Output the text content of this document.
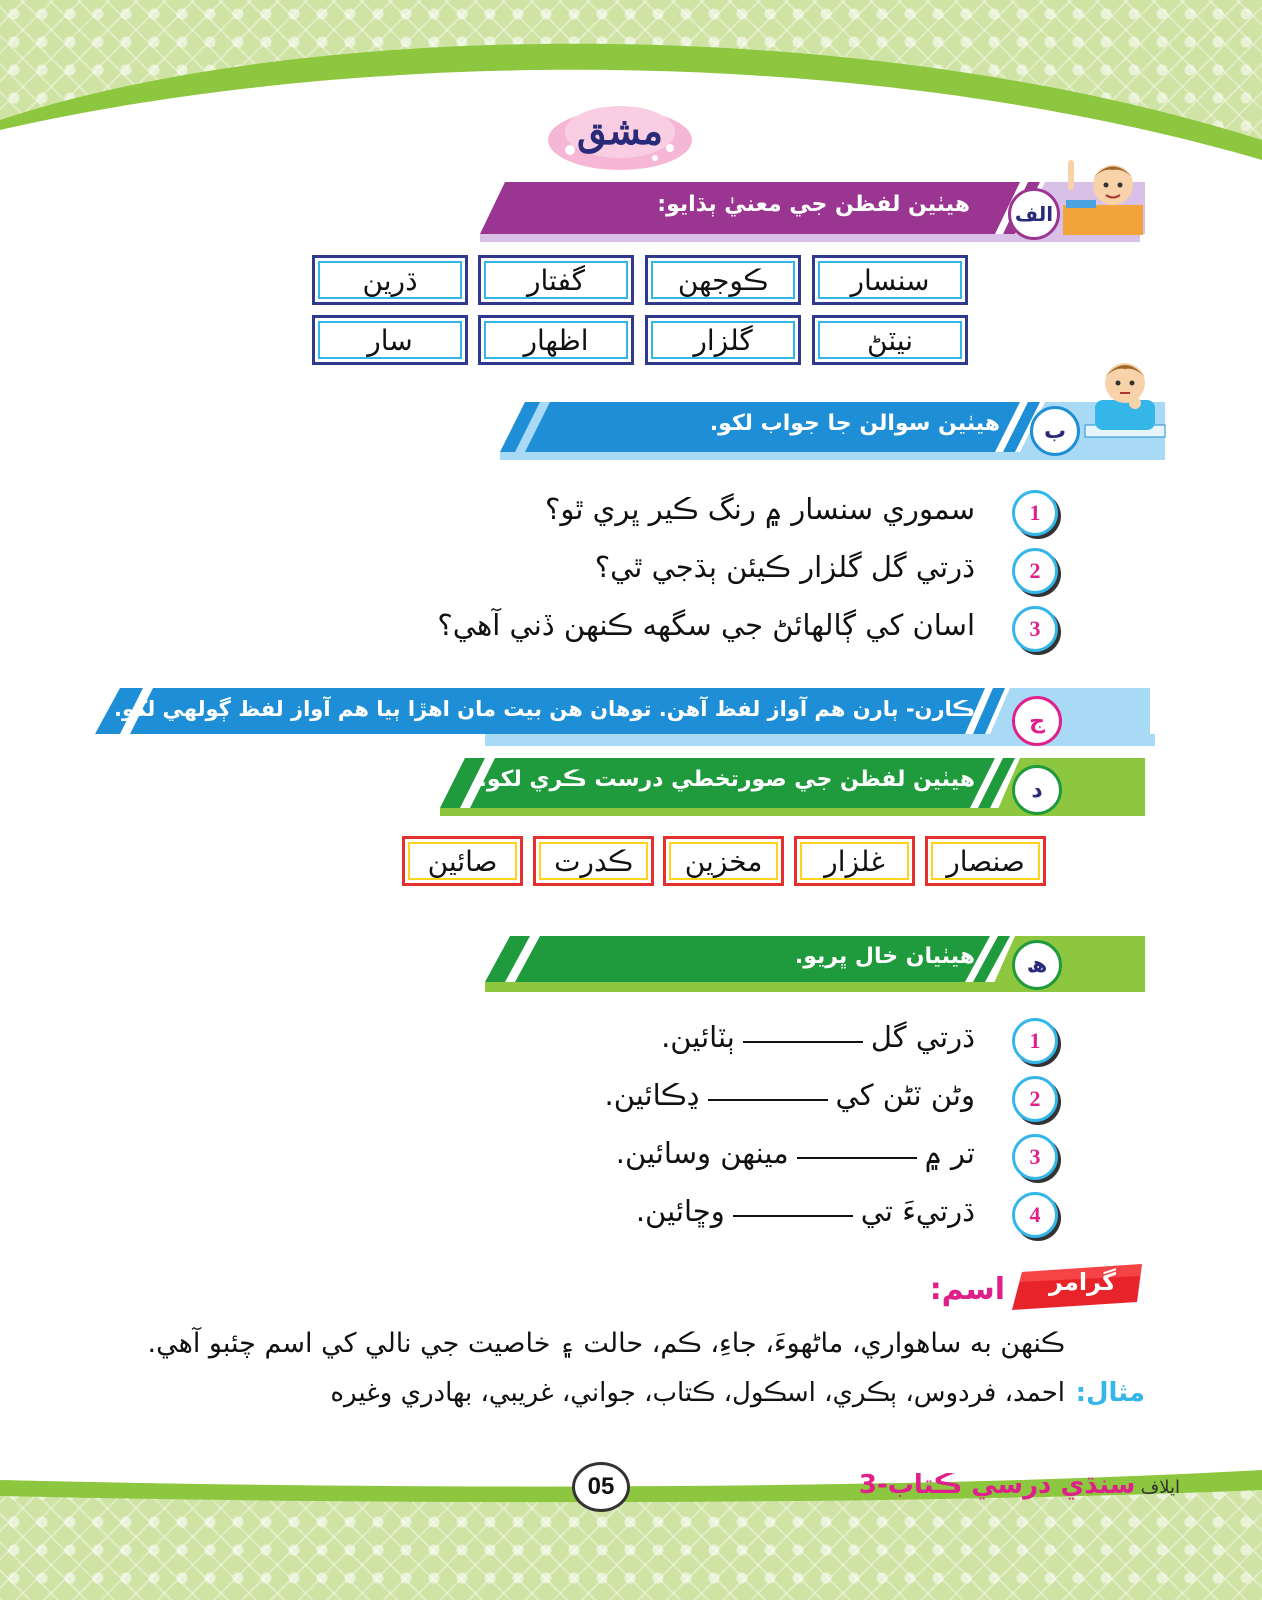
مشق
هيٺين لفظن جي معنيٰ ٻڌايو:	الف
ڌرين	گفتار	ڪوجهن	سنسار
سار	اظهار	گلزار	نيٽڻ
هيٺين سوالن جا جواب لکو.	ب
1
سموري سنسار ۾ رنگ ڪير ڀري ٿو؟
2
ڌرتي گل گلزار ڪيئن ٻڌجي ٿي؟
3
اسان کي ڳالهائڻ جي سگهه ڪنهن ڏني آهي؟
ڪارن- ٻارن هم آواز لفظ آهن. توهان هن بيت مان اهڙا ٻيا هم آواز لفظ ڳولهي لکو.	ج
هيٺين لفظن جي صورتخطي درست ڪري لکو.	د
صائين	ڪدرت	مخزين	غلزار	صنصار
هيٺيان خال ڀريو.	ھ
1
ڌرتي گلٻٽائين.
2
وڻن ٽڻن کيڍڪائين.
3
تر ۾مينهن وسائين.
4
ڌرتيءَ تيوڇائين.
گرامر
اسم:
ڪنهن به ساهواري، ماڻهوءَ، جاءِ، ڪم، حالت ۽ خاصيت جي نالي کي اسم چئبو آهي.
مثال:
احمد، فردوس، ٻڪري، اسڪول، ڪتاب، جواني، غريبي، بهادري وغيره
05	ايلاف سنڌي درسي ڪتاب-3
